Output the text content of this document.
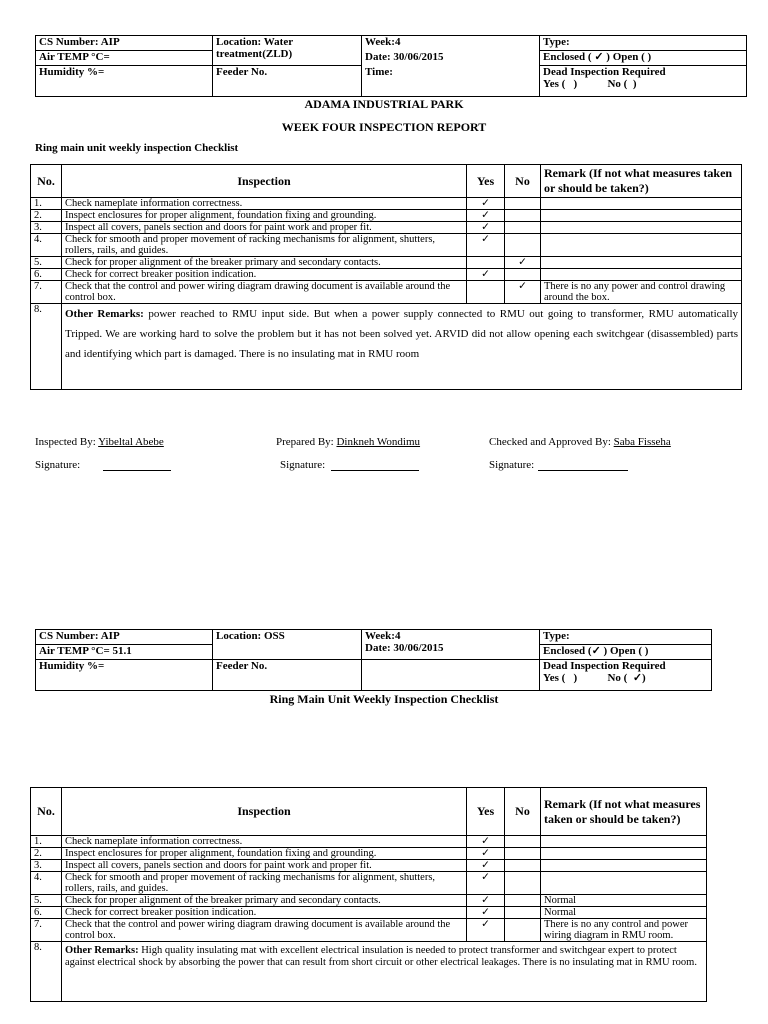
CS Number: AIP	Location: Water treatment(ZLD)	Week:4	Type:
Air TEMP °C=		Date: 30/06/2015	Enclosed ( ✓ ) Open ( )
Humidity %=	Feeder No.	Time:	Dead Inspection Required
Yes (   )           No (  )
ADAMA INDUSTRIAL PARK
WEEK FOUR INSPECTION REPORT
Ring main unit weekly inspection Checklist
No.	Inspection	Yes	No	Remark (If not what measures taken or should be taken?)
1.	Check nameplate information correctness.	✓		
2.	Inspect enclosures for proper alignment, foundation fixing and grounding.	✓		
3.	Inspect all covers, panels section and doors for paint work and proper fit.	✓		
4.	Check for smooth and proper movement of racking mechanisms for alignment, shutters, rollers, rails, and guides.	✓		
5.	Check for proper alignment of the breaker primary and secondary contacts.		✓	
6.	Check for correct breaker position indication.	✓		
7.	Check that the control and power wiring diagram drawing document is available around the control box.		✓	There is no any power and control drawing around the box.
8.	Other Remarks: power reached to RMU input side. But when a power supply connected to RMU out going to transformer, RMU automatically Tripped. We are working hard to solve the problem but it has not been solved yet. ARVID did not allow opening each switchgear (disassembled) parts and identifying which part is damaged. There is no insulating mat in RMU room			
Inspected By: Yibeltal Abebe	Prepared By: Dinkneh Wondimu	Checked and Approved By: Saba Fisseha
Signature:	Signature:	Signature:
CS Number: AIP	Location: OSS	Week:4
Date: 30/06/2015	Type:
Air TEMP °C= 51.1			Enclosed (✓ ) Open ( )
Humidity %=	Feeder No.		Dead Inspection Required
Yes (   )           No (  ✓)
Ring Main Unit Weekly Inspection Checklist
No.	Inspection	Yes	No	Remark (If not what measures taken or should be taken?)
1.	Check nameplate information correctness.	✓		
2.	Inspect enclosures for proper alignment, foundation fixing and grounding.	✓		
3.	Inspect all covers, panels section and doors for paint work and proper fit.	✓		
4.	Check for smooth and proper movement of racking mechanisms for alignment, shutters, rollers, rails, and guides.	✓		
5.	Check for proper alignment of the breaker primary and secondary contacts.	✓		Normal
6.	Check for correct breaker position indication.	✓		Normal
7.	Check that the control and power wiring diagram drawing document is available around the control box.	✓		There is no any control and power wiring diagram in RMU room.
8.	Other Remarks: High quality insulating mat with excellent electrical insulation is needed to protect transformer and switchgear expert to protect against electrical shock by absorbing the power that can result from short circuit or other electrical leakages. There is no insulating mat in RMU room.			
